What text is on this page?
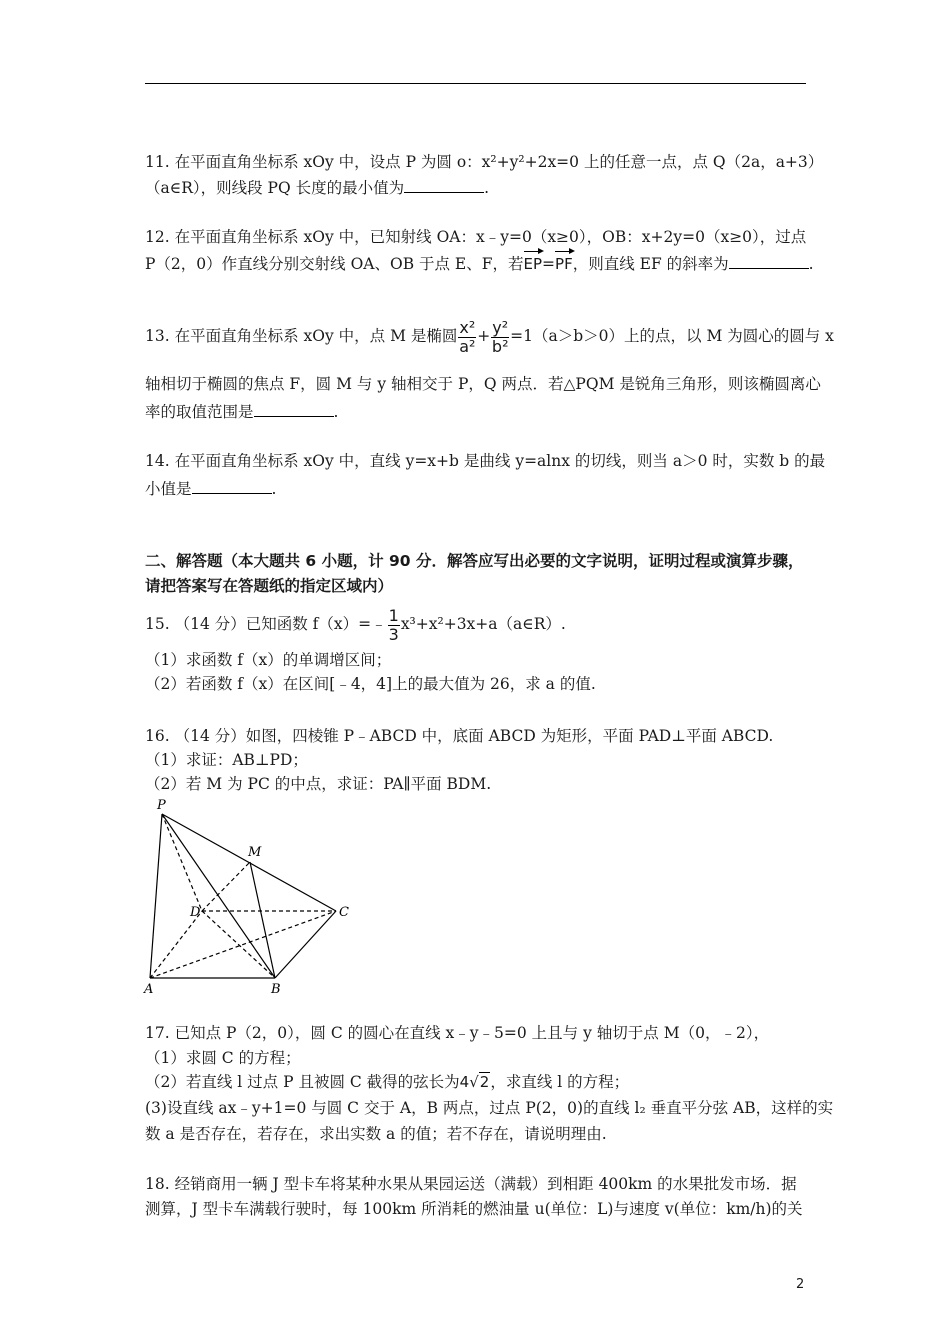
11. 在平面直角坐标系 xOy 中，设点 P 为圆 o：x²+y²+2x=0 上的任意一点，点 Q（2a，a+3）
（a∈R），则线段 PQ 长度的最小值为	.
12. 在平面直角坐标系 xOy 中，已知射线 OA：x﹣y=0（x≥0），OB：x+2y=0（x≥0），过点
P（2，0）作直线分别交射线 OA、OB 于点 E、F，若EP=PF，则直线 EF 的斜率为	.
13. 在平面直角坐标系 xOy 中，点 M 是椭圆 $\frac{\text{x²}}{\text{a²}} + \frac{\text{y²}}{\text{b²}} =1(a>b>0)$上的点，以 M 为圆心的圆与 x
轴相切于椭圆的焦点 F，圆 M 与 y 轴相交于 P，Q 两点．若△PQM 是锐角三角形，则该椭圆离心
率的取值范围是	.
14. 在平面直角坐标系 xOy 中，直线 y=x+b 是曲线 y=alnx 的切线，则当 a＞0 时，实数 b 的最
小值是	.
二、解答题（本大题共 6 小题，计 90 分．解答应写出必要的文字说明，证明过程或演算步骤，
请把答案写在答题纸的指定区域内）
15. （14 分）已知函数 f（x）=﹣ $\frac{1}{3}$ x³+x²+3x+a（a∈R）.
（1）求函数 f（x）的单调增区间；
（2）若函数 f（x）在区间[﹣4，4]上的最大值为 26，求 a 的值.
16. （14 分）如图，四棱锥 P﹣ABCD 中，底面 ABCD 为矩形，平面 PAD⊥平面 ABCD.
（1）求证：AB⊥PD；
（2）若 M 为 PC 的中点，求证：PA∥平面 BDM.
P
M
D	C
A	B
17. 已知点 P（2，0），圆 C 的圆心在直线 x﹣y﹣5=0 上且与 y 轴切于点 M（0，﹣2），
（1）求圆 C 的方程；
（2）若直线 l 过点 P 且被圆 C 截得的弦长为4√2，求直线 l 的方程；
(3)设直线 ax﹣y+1=0 与圆 C 交于 A，B 两点，过点 P(2，0)的直线 l₂ 垂直平分弦 AB，这样的实
数 a 是否存在，若存在，求出实数 a 的值；若不存在，请说明理由.
18. 经销商用一辆 J 型卡车将某种水果从果园运送（满载）到相距 400km 的水果批发市场．据
测算，J 型卡车满载行驶时，每 100km 所消耗的燃油量 u(单位：L)与速度 v(单位：km/h)的关
2
